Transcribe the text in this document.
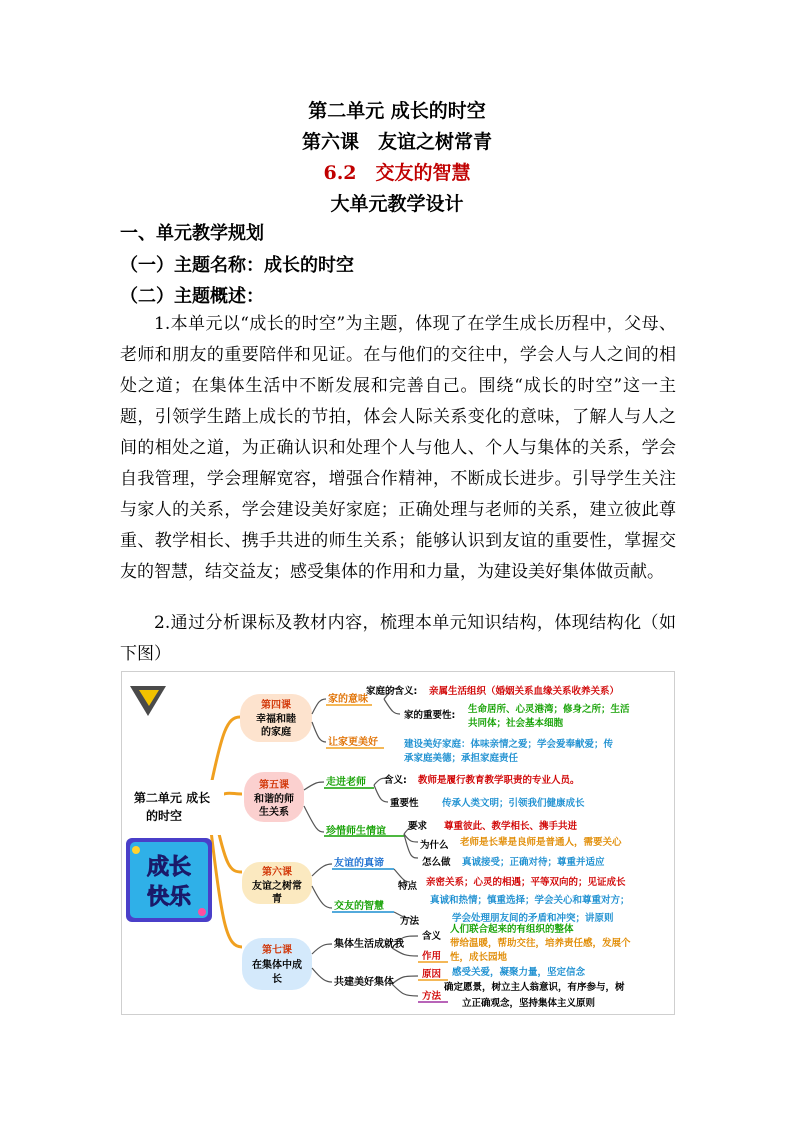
第二单元 成长的时空
第六课　友谊之树常青
6.2　交友的智慧
大单元教学设计
一、单元教学规划
（一）主题名称：成长的时空
（二）主题概述：
1.本单元以“成长的时空”为主题，体现了在学生成长历程中，父母、老师和朋友的重要陪伴和见证。在与他们的交往中，学会人与人之间的相处之道；在集体生活中不断发展和完善自己。围绕“成长的时空”这一主题，引领学生踏上成长的节拍，体会人际关系变化的意味，了解人与人之间的相处之道，为正确认识和处理个人与他人、个人与集体的关系，学会自我管理，学会理解宽容，增强合作精神，不断成长进步。引导学生关注与家人的关系，学会建设美好家庭；正确处理与老师的关系，建立彼此尊重、教学相长、携手共进的师生关系；能够认识到友谊的重要性，掌握交友的智慧，结交益友；感受集体的作用和力量，为建设美好集体做贡献。
2.通过分析课标及教材内容，梳理本单元知识结构，体现结构化（如下图）
第二单元 成长
的时空
成长
快乐
第四课
幸福和睦
的家庭
家的意味
家庭的含义: 亲属生活组织（婚姻关系血缘关系收养关系）
家的重要性:
生命居所、心灵港湾；修身之所；生活
共同体；社会基本细胞
让家更美好	建设美好家庭：体味亲情之爱；学会爱奉献爱；传
承家庭美德；承担家庭责任
第五课
和谐的师
生关系
走进老师 含义: 教师是履行教育教学职责的专业人员。
重要性 传承人类文明；引领我们健康成长
珍惜师生情谊 要求 尊重彼此、教学相长、携手共进
为什么 老师是长辈是良师是普通人，需要关心
怎么做 真诚接受；正确对待；尊重并适应
第六课
友谊之树常
青
友谊的真谛
特点 亲密关系；心灵的相遇；平等双向的；见证成长
交友的智慧
方法
真诚和热情；慎重选择；学会关心和尊重对方；
学会处理朋友间的矛盾和冲突；讲原则
第七课
在集体中成
长
集体生活成就我
含义
人们联合起来的有组织的整体
作用
带给温暖，帮助交往，培养责任感，发展个
性，成长园地
共建美好集体
原因 感受关爱，凝聚力量，坚定信念
方法
确定愿景，树立主人翁意识，有序参与，树
立正确观念，坚持集体主义原则
